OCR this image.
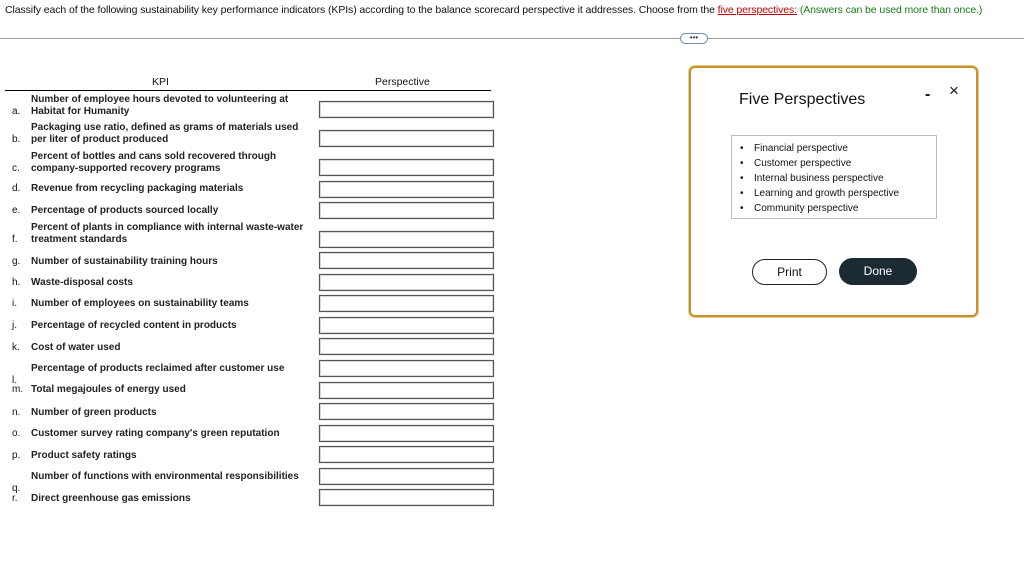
Classify each of the following sustainability key performance indicators (KPIs) according to the balance scorecard perspective it addresses. Choose from the five perspectives: (Answers can be used more than once.)
•••
KPI	Perspective
a.
Number of employee hours devoted to volunteering at Habitat for Humanity
b.
Packaging use ratio, defined as grams of materials used per liter of product produced
c.
Percent of bottles and cans sold recovered through company-supported recovery programs
d. Revenue from recycling packaging materials
e. Percentage of products sourced locally
f.
Percent of plants in compliance with internal waste-water treatment standards
g. Number of sustainability training hours
h. Waste-disposal costs
i. Number of employees on sustainability teams
j. Percentage of recycled content in products
k. Cost of water used
l.
Percentage of products reclaimed after customer use
m. Total megajoules of energy used
n. Number of green products
o. Customer survey rating company's green reputation
p. Product safety ratings
q.
Number of functions with environmental responsibilities
r. Direct greenhouse gas emissions
Five Perspectives	- ×
• Financial perspective
• Customer perspective
• Internal business perspective
• Learning and growth perspective
• Community perspective
Print	Done
